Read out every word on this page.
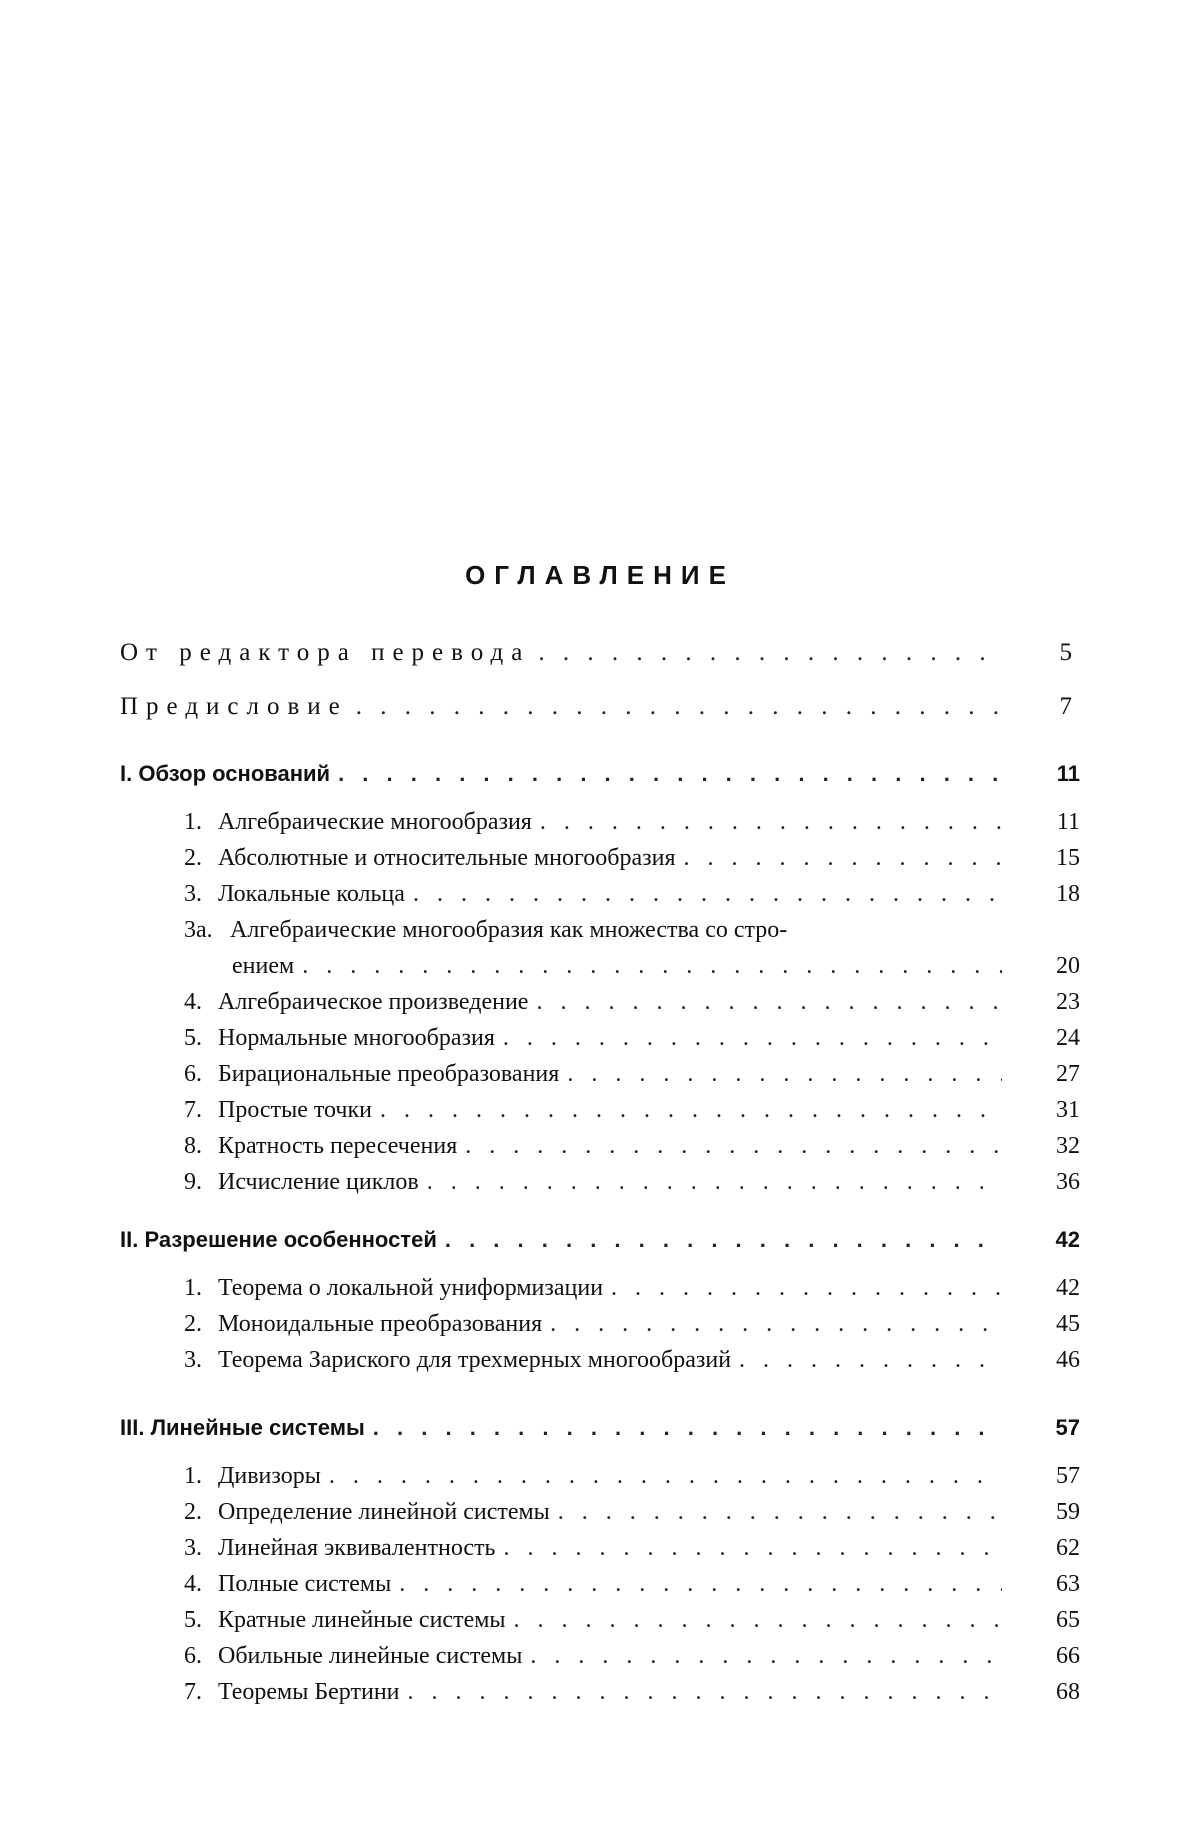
ОГЛАВЛЕНИЕ
От редактора перевода . . .	5
Предисловие . . .	7
I. Обзор оснований . . .	11
1. Алгебраические многообразия . . .	11
2. Абсолютные и относительные многообразия . . .	15
3. Локальные кольца . . .	18
3а. Алгебраические многообразия как множества со стро-
ением . . .	20
4. Алгебраическое произведение . . .	23
5. Нормальные многообразия . . .	24
6. Бирациональные преобразования . . .	27
7. Простые точки . . .	31
8. Кратность пересечения . . .	32
9. Исчисление циклов . . .	36
II. Разрешение особенностей . . .	42
1. Теорема о локальной униформизации . . .	42
2. Моноидальные преобразования . . .	45
3. Теорема Зариского для трехмерных многообразий . . .	46
III. Линейные системы . . .	57
1. Дивизоры . . .	57
2. Определение линейной системы . . .	59
3. Линейная эквивалентность . . .	62
4. Полные системы . . .	63
5. Кратные линейные системы . . .	65
6. Обильные линейные системы . . .	66
7. Теоремы Бертини . . .	68
